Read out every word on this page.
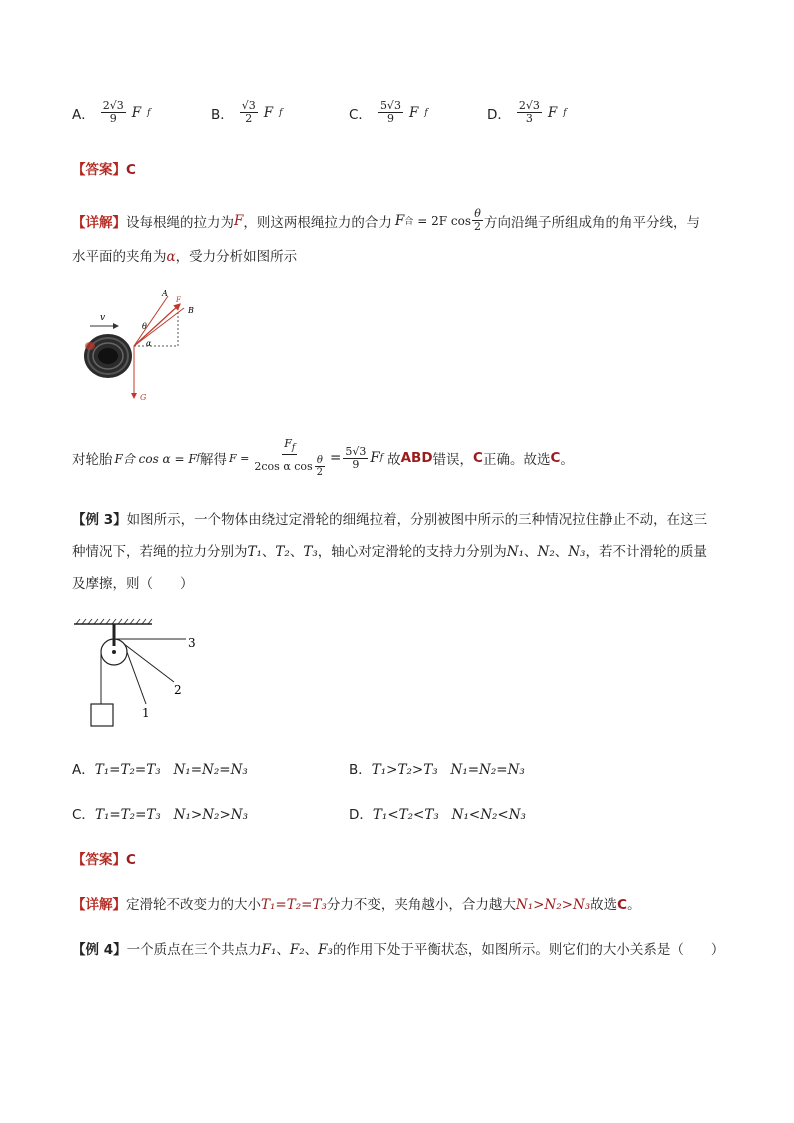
A． $\frac{2√3}{9}$ F f	B． $\frac{√3}{2}$ F f	C． $\frac{5√3}{9}$ F f	D． $\frac{2√3}{3}$ F f
【答案】C
【详解】 设每根绳的拉力为 F ，则这两根绳拉力的合力 F 合 = 2F $\cos \frac{\theta}{2}$ 方向沿绳子所组成角的角平分线，与
水平面的夹角为α，受力分析如图所示
v
A
B
F
θ
α
G
对轮胎 F合 cos α = F f 解得 $F = \frac{F_f}{2\cos \alpha \cos \frac{\theta}{2}} = \frac{5√3}{9}$ F f 故 ABD 错误， C 正确。故选 C 。
【例 3】如图所示，一个物体由绕过定滑轮的细绳拉着，分别被图中所示的三种情况拉住静止不动，在这三
种情况下，若绳的拉力分别为T₁、T₂、T₃，轴心对定滑轮的支持力分别为N₁、N₂、N₃，若不计滑轮的质量
及摩擦，则（　　）
3
2
1
A．T₁=T₂=T₃   N₁=N₂=N₃	B．T₁>T₂>T₃   N₁=N₂=N₃
C．T₁=T₂=T₃   N₁>N₂>N₃	D．T₁<T₂<T₃   N₁<N₂<N₃
【答案】C
【详解】定滑轮不改变力的大小T₁=T₂=T₃分力不变，夹角越小，合力越大N₁>N₂>N₃故选C。
【例 4】一个质点在三个共点力F₁、F₂、F₃的作用下处于平衡状态，如图所示。则它们的大小关系是（　　）
